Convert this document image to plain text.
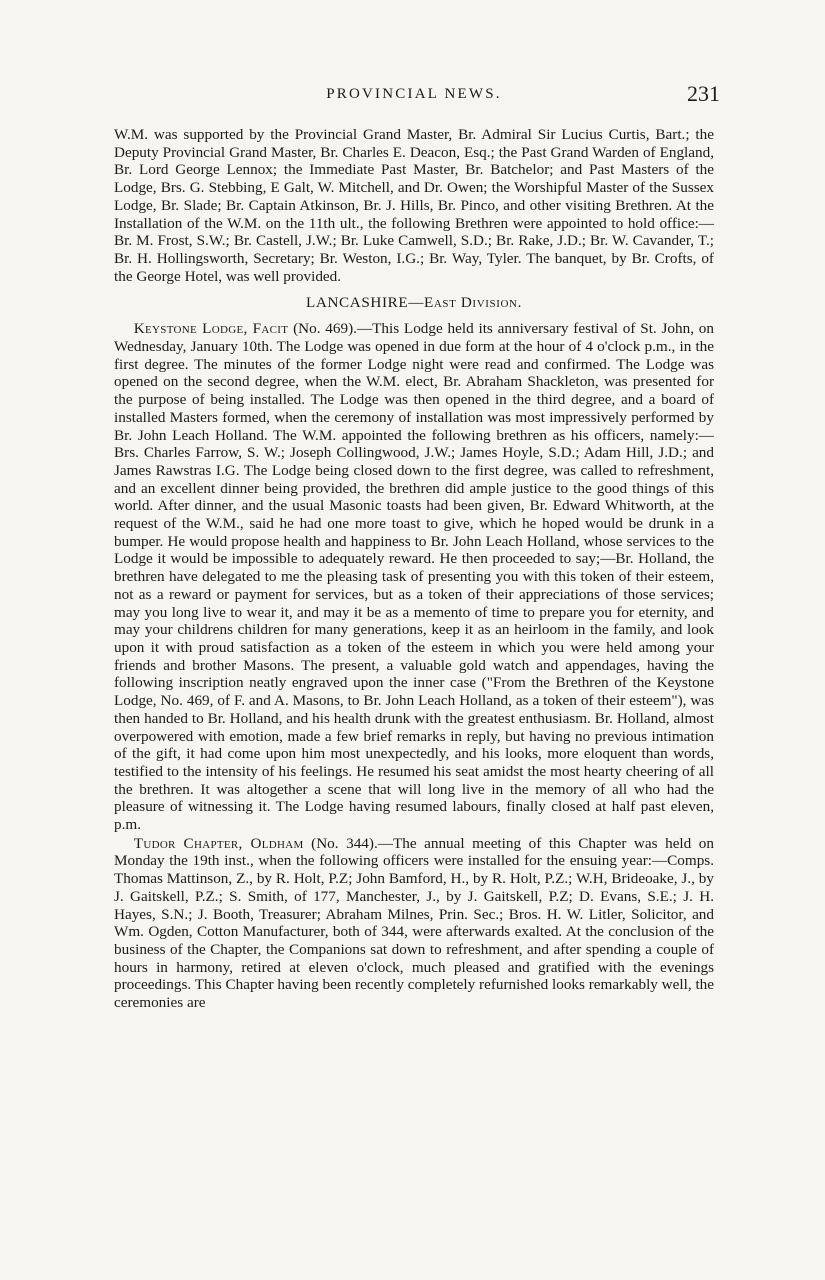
PROVINCIAL NEWS.	231

W.M. was supported by the Provincial Grand Master, Br. Admiral Sir Lucius Curtis, Bart.; the Deputy Provincial Grand Master, Br. Charles E. Deacon, Esq.; the Past Grand Warden of England, Br. Lord George Lennox; the Immediate Past Master, Br. Batchelor; and Past Masters of the Lodge, Brs. G. Stebbing, E Galt, W. Mitchell, and Dr. Owen; the Worshipful Master of the Sussex Lodge, Br. Slade; Br. Captain Atkinson, Br. J. Hills, Br. Pinco, and other visiting Brethren. At the Installation of the W.M. on the 11th ult., the following Brethren were appointed to hold office:—Br. M. Frost, S.W.; Br. Castell, J.W.; Br. Luke Camwell, S.D.; Br. Rake, J.D.; Br. W. Cavander, T.; Br. H. Hollingsworth, Secretary; Br. Weston, I.G.; Br. Way, Tyler. The banquet, by Br. Crofts, of the George Hotel, was well provided.

LANCASHIRE—East Division.

Keystone Lodge, Facit (No. 469).—This Lodge held its anniversary festival of St. John, on Wednesday, January 10th. The Lodge was opened in due form at the hour of 4 o'clock p.m., in the first degree. The minutes of the former Lodge night were read and confirmed. The Lodge was opened on the second degree, when the W.M. elect, Br. Abraham Shackleton, was presented for the purpose of being installed. The Lodge was then opened in the third degree, and a board of installed Masters formed, when the ceremony of installation was most impressively performed by Br. John Leach Holland. The W.M. appointed the following brethren as his officers, namely:—Brs. Charles Farrow, S. W.; Joseph Collingwood, J.W.; James Hoyle, S.D.; Adam Hill, J.D.; and James Rawstras I.G. The Lodge being closed down to the first degree, was called to refreshment, and an excellent dinner being provided, the brethren did ample justice to the good things of this world. After dinner, and the usual Masonic toasts had been given, Br. Edward Whitworth, at the request of the W.M., said he had one more toast to give, which he hoped would be drunk in a bumper. He would propose health and happiness to Br. John Leach Holland, whose services to the Lodge it would be impossible to adequately reward. He then proceeded to say;—Br. Holland, the brethren have delegated to me the pleasing task of presenting you with this token of their esteem, not as a reward or payment for services, but as a token of their appreciations of those services; may you long live to wear it, and may it be as a memento of time to prepare you for eternity, and may your childrens children for many generations, keep it as an heirloom in the family, and look upon it with proud satisfaction as a token of the esteem in which you were held among your friends and brother Masons. The present, a valuable gold watch and appendages, having the following inscription neatly engraved upon the inner case ("From the Brethren of the Keystone Lodge, No. 469, of F. and A. Masons, to Br. John Leach Holland, as a token of their esteem"), was then handed to Br. Holland, and his health drunk with the greatest enthusiasm. Br. Holland, almost overpowered with emotion, made a few brief remarks in reply, but having no previous intimation of the gift, it had come upon him most unexpectedly, and his looks, more eloquent than words, testified to the intensity of his feelings. He resumed his seat amidst the most hearty cheering of all the brethren. It was altogether a scene that will long live in the memory of all who had the pleasure of witnessing it. The Lodge having resumed labours, finally closed at half past eleven, p.m.

Tudor Chapter, Oldham (No. 344).—The annual meeting of this Chapter was held on Monday the 19th inst., when the following officers were installed for the ensuing year:—Comps. Thomas Mattinson, Z., by R. Holt, P.Z; John Bamford, H., by R. Holt, P.Z.; W.H, Brideoake, J., by J. Gaitskell, P.Z.; S. Smith, of 177, Manchester, J., by J. Gaitskell, P.Z; D. Evans, S.E.; J. H. Hayes, S.N.; J. Booth, Treasurer; Abraham Milnes, Prin. Sec.; Bros. H. W. Litler, Solicitor, and Wm. Ogden, Cotton Manufacturer, both of 344, were afterwards exalted. At the conclusion of the business of the Chapter, the Companions sat down to refreshment, and after spending a couple of hours in harmony, retired at eleven o'clock, much pleased and gratified with the evenings proceedings. This Chapter having been recently completely refurnished looks remarkably well, the ceremonies are
